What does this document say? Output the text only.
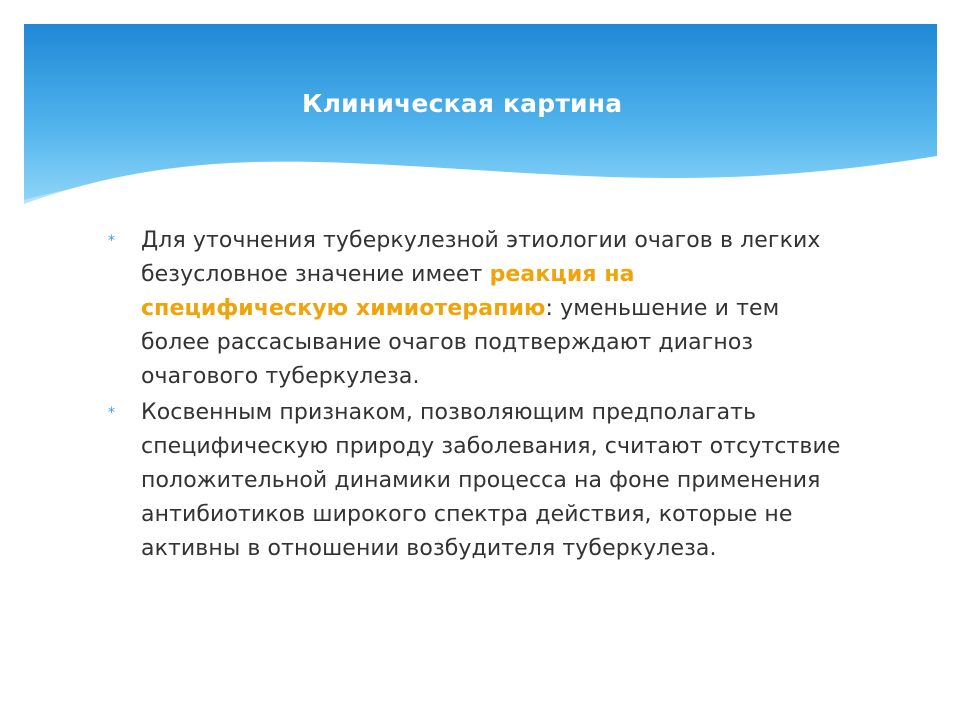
Клиническая картина
*	Для уточнения туберкулезной этиологии очагов в легких безусловное значение имеет реакция на специфическую химиотерапию: уменьшение и тем более рассасывание очагов подтверждают диагноз очагового туберкулеза.
*	Косвенным признаком, позволяющим предполагать специфическую природу заболевания, считают отсутствие положительной динамики процесса на фоне применения антибиотиков широкого спектра действия, которые не активны в отношении возбудителя туберкулеза.
